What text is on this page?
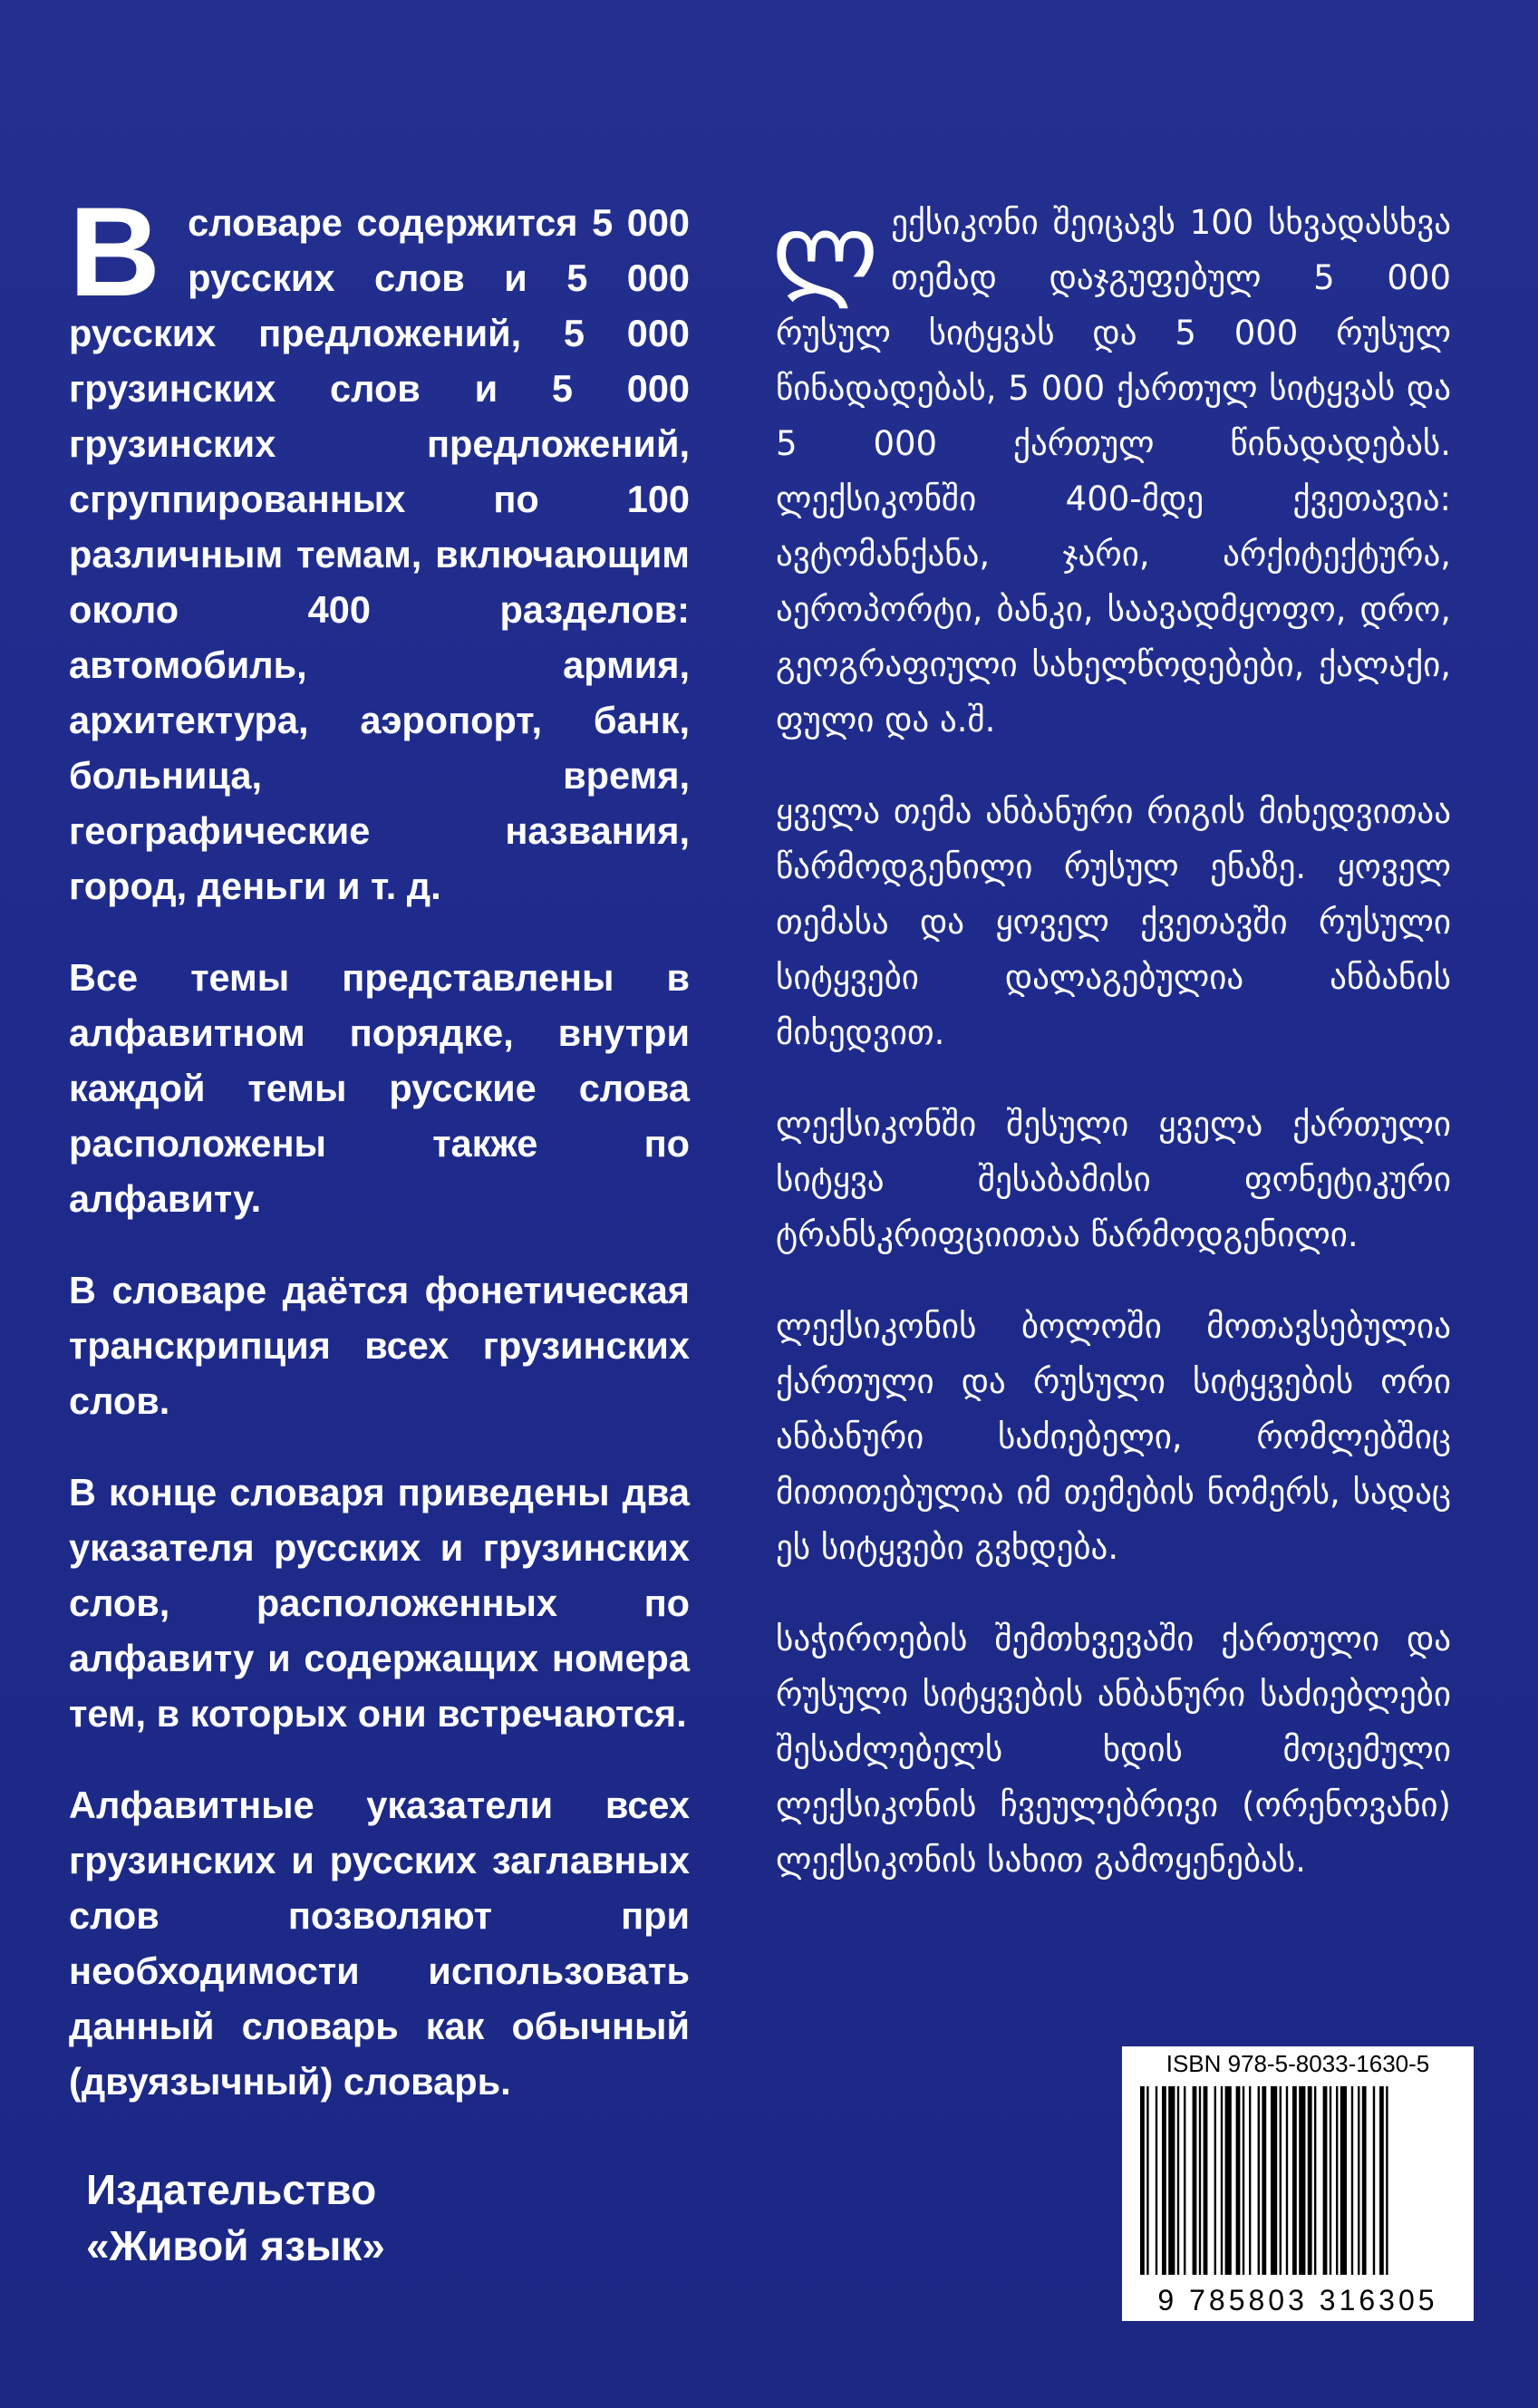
В словаре содержится 5 000 русских слов и 5 000 русских предложений, 5 000 грузинских слов и 5 000 грузинских предложений, сгруппированных по 100 различным темам, включающим около 400 разделов: автомобиль, армия, архитектура, аэропорт, банк, больница, время, географические названия, город, деньги и т. д.

Все темы представлены в алфавитном порядке, внутри каждой темы русские слова расположены также по алфавиту.

В словаре даётся фонетическая транскрипция всех грузинских слов.

В конце словаря приведены два указателя русских и грузинских слов, расположенных по алфавиту и содержащих номера тем, в которых они встречаются.

Алфавитные указатели всех грузинских и русских заглавных слов позволяют при необходимости использовать данный словарь как обычный (двуязычный) словарь.

ლ ექსიკონი შეიცავს 100 სხვადასხვა თემად დაჯგუფებულ 5 000 რუსულ სიტყვას და 5 000 რუსულ წინადადებას, 5 000 ქართულ სიტყვას და 5 000 ქართულ წინადადებას. ლექსიკონში 400-მდე ქვეთავია: ავტომანქანა, ჯარი, არქიტექტურა, აეროპორტი, ბანკი, საავადმყოფო, დრო, გეოგრაფიული სახელწოდებები, ქალაქი, ფული და ა.შ.

ყველა თემა ანბანური რიგის მიხედვითაა წარმოდგენილი რუსულ ენაზე. ყოველ თემასა და ყოველ ქვეთავში რუსული სიტყვები დალაგებულია ანბანის მიხედვით.

ლექსიკონში შესული ყველა ქართული სიტყვა შესაბამისი ფონეტიკური ტრანსკრიფციითაა წარმოდგენილი.

ლექსიკონის ბოლოში მოთავსებულია ქართული და რუსული სიტყვების ორი ანბანური საძიებელი, რომლებშიც მითითებულია იმ თემების ნომერს, სადაც ეს სიტყვები გვხდება.

საჭიროების შემთხვევაში ქართული და რუსული სიტყვების ანბანური საძიებლები შესაძლებელს ხდის მოცემული ლექსიკონის ჩვეულებრივი (ორენოვანი) ლექსიკონის სახით გამოყენებას.

Издательство
«Живой язык»
ISBN 978-5-8033-1630-5
9 785803 316305
